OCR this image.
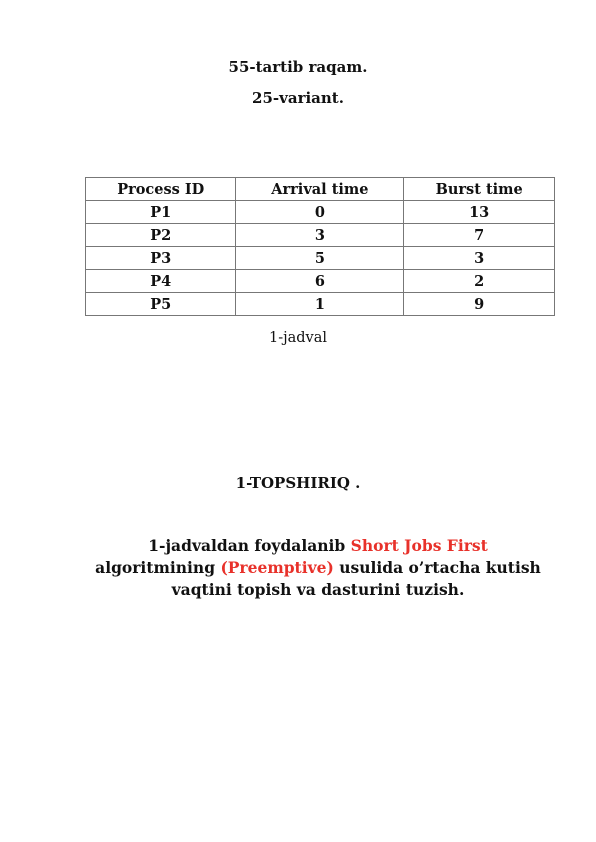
55-tartib raqam.
25-variant.
Process ID	Arrival time	Burst time
P1	0	13
P2	3	7
P3	5	3
P4	6	2
P5	1	9
1-jadval
1-TOPSHIRIQ .
1-jadvaldan foydalanib Short Jobs First algoritmining (Preemptive) usulida o’rtacha kutish vaqtini topish va dasturini tuzish.
